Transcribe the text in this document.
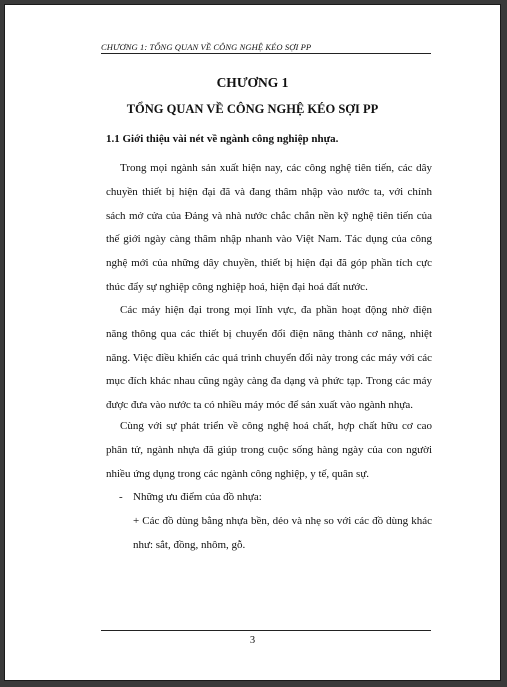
CHƯƠNG 1: TỔNG QUAN VỀ CÔNG NGHỆ KÉO SỢI PP
CHƯƠNG 1
TỔNG QUAN VỀ CÔNG NGHỆ KÉO SỢI PP
1.1 Giới thiệu vài nét về ngành công nghiệp nhựa.

Trong mọi ngành sản xuất hiện nay, các công nghệ tiên tiến, các dây chuyền thiết bị hiện đại đã và đang thâm nhập vào nước ta, với chính sách mở cửa của Đảng và nhà nước chắc chắn nền kỹ nghệ tiên tiến của thế giới ngày càng thâm nhập nhanh vào Việt Nam. Tác dụng của công nghệ mới của những dây chuyền, thiết bị hiện đại đã góp phần tích cực thúc đẩy sự nghiệp công nghiệp hoá, hiện đại hoá đất nước.

Các máy hiện đại trong mọi lĩnh vực, đa phần hoạt động nhờ điện năng thông qua các thiết bị chuyển đổi điện năng thành cơ năng, nhiệt năng. Việc điều khiển các quá trình chuyển đổi này trong các máy với các mục đích khác nhau cũng ngày càng đa dạng và phức tạp. Trong các máy được đưa vào nước ta có nhiều máy móc để sản xuất vào ngành nhựa.

Cùng với sự phát triển về công nghệ hoá chất, hợp chất hữu cơ cao phân tử, ngành nhựa đã giúp trong cuộc sống hàng ngày của con người nhiều ứng dụng trong các ngành công nghiệp, y tế, quân sự.

- Những ưu điểm của đồ nhựa:

+ Các đồ dùng bằng nhựa bền, dẻo và nhẹ so với các đồ dùng khác như: sắt, đồng, nhôm, gỗ.

3
